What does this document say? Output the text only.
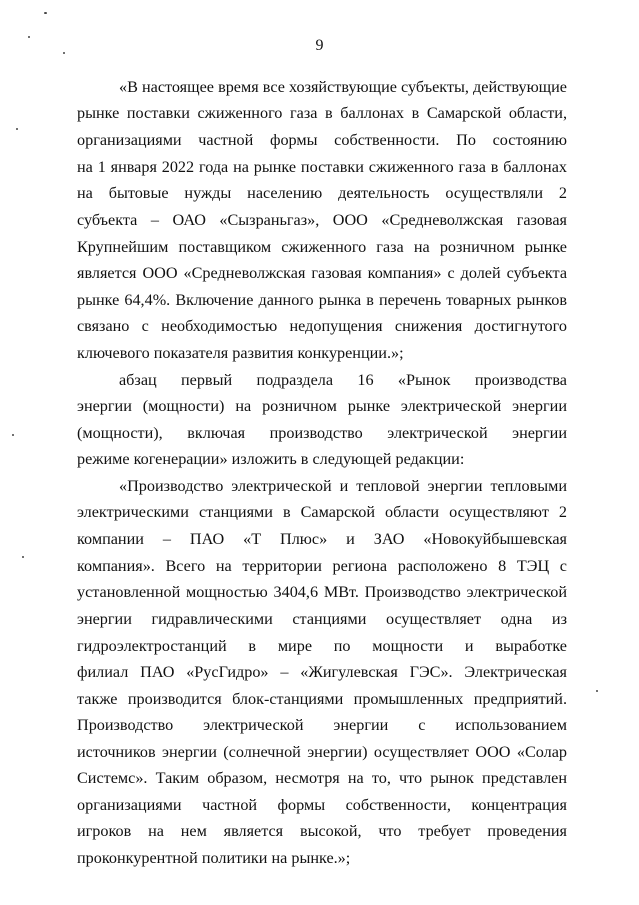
9
«В настоящее время все хозяйствующие субъекты, действующие
рынке поставки сжиженного газа в баллонах в Самарской области,
организациями частной формы собственности. По состоянию
на 1 января 2022 года на рынке поставки сжиженного газа в баллонах
на бытовые нужды населению деятельность осуществляли 2
субъекта – ОАО «Сызраньгаз», ООО «Средневолжская газовая
Крупнейшим поставщиком сжиженного газа на розничном рынке
является ООО «Средневолжская газовая компания» с долей субъекта
рынке 64,4%. Включение данного рынка в перечень товарных рынков
связано с необходимостью недопущения снижения достигнутого
ключевого показателя развития конкуренции.»;
абзац первый подраздела 16 «Рынок производства
энергии (мощности) на розничном рынке электрической энергии
(мощности), включая производство электрической энергии
режиме когенерации» изложить в следующей редакции:
«Производство электрической и тепловой энергии тепловыми
электрическими станциями в Самарской области осуществляют 2
компании – ПАО «Т Плюс» и ЗАО «Новокуйбышевская
компания». Всего на территории региона расположено 8 ТЭЦ с
установленной мощностью 3404,6 МВт. Производство электрической
энергии гидравлическими станциями осуществляет одна из
гидроэлектростанций в мире по мощности и выработке
филиал ПАО «РусГидро» – «Жигулевская ГЭС». Электрическая
также производится блок-станциями промышленных предприятий.
Производство электрической энергии с использованием
источников энергии (солнечной энергии) осуществляет ООО «Солар
Системс». Таким образом, несмотря на то, что рынок представлен
организациями частной формы собственности, концентрация
игроков на нем является высокой, что требует проведения
проконкурентной политики на рынке.»;
